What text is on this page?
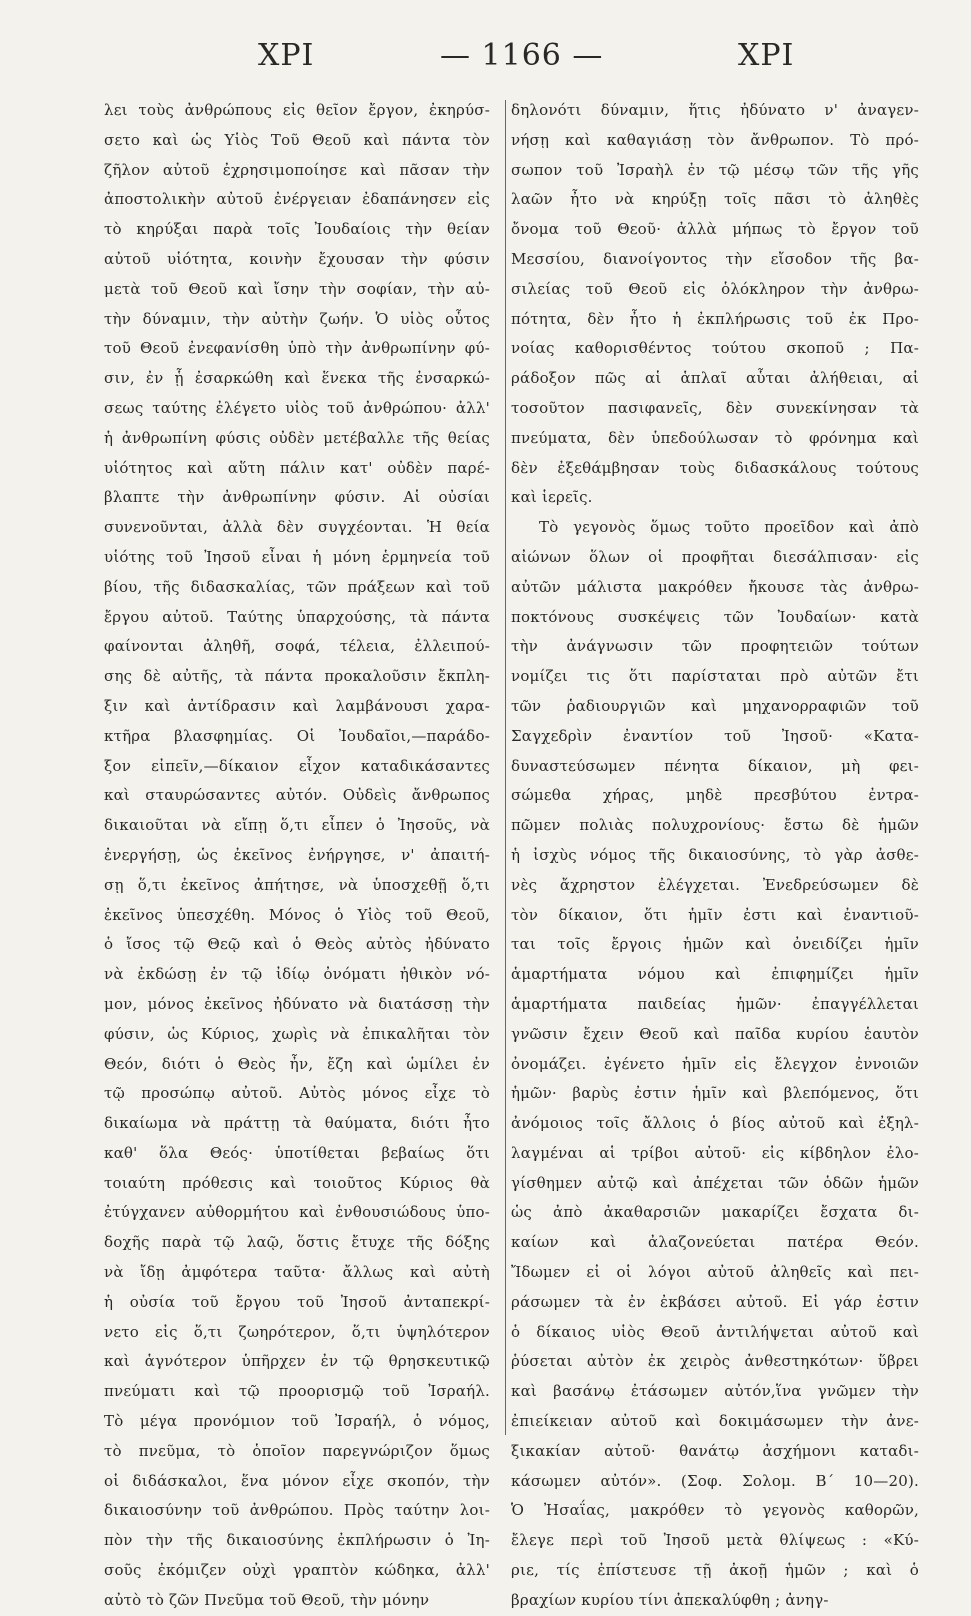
ΧΡΙ	— 1166 —	ΧΡΙ
λει τοὺς ἀνθρώπους εἰς θεῖον ἔργον, ἐκηρύσ-
σετο καὶ ὡς Υἱὸς Τοῦ Θεοῦ καὶ πάντα τὸν
ζῆλον αὐτοῦ ἐχρησιμοποίησε καὶ πᾶσαν τὴν
ἀποστολικὴν αὐτοῦ ἐνέργειαν ἐδαπάνησεν εἰς
τὸ κηρύξαι παρὰ τοῖς Ἰουδαίοις τὴν θείαν
αὐτοῦ υἱότητα, κοινὴν ἔχουσαν τὴν φύσιν
μετὰ τοῦ Θεοῦ καὶ ἴσην τὴν σοφίαν, τὴν αὐ-
τὴν δύναμιν, τὴν αὐτὴν ζωήν. Ὁ υἱὸς οὗτος
τοῦ Θεοῦ ἐνεφανίσθη ὑπὸ τὴν ἀνθρωπίνην φύ-
σιν, ἐν ᾗ ἐσαρκώθη καὶ ἕνεκα τῆς ἐνσαρκώ-
σεως ταύτης ἐλέγετο υἱὸς τοῦ ἀνθρώπου· ἀλλ'
ἡ ἀνθρωπίνη φύσις οὐδὲν μετέβαλλε τῆς θείας
υἱότητος καὶ αὕτη πάλιν κατ' οὐδὲν παρέ-
βλαπτε τὴν ἀνθρωπίνην φύσιν. Αἱ οὐσίαι
συνενοῦνται, ἀλλὰ δὲν συγχέονται. Ἡ θεία
υἱότης τοῦ Ἰησοῦ εἶναι ἡ μόνη ἑρμηνεία τοῦ
βίου, τῆς διδασκαλίας, τῶν πράξεων καὶ τοῦ
ἔργου αὐτοῦ. Ταύτης ὑπαρχούσης, τὰ πάντα
φαίνονται ἀληθῆ, σοφά, τέλεια, ἐλλειπού-
σης δὲ αὐτῆς, τὰ πάντα προκαλοῦσιν ἔκπλη-
ξιν καὶ ἀντίδρασιν καὶ λαμβάνουσι χαρα-
κτῆρα βλασφημίας. Οἱ Ἰουδαῖοι,—παράδο-
ξον εἰπεῖν,—δίκαιον εἶχον καταδικάσαντες
καὶ σταυρώσαντες αὐτόν. Οὐδεὶς ἄνθρωπος
δικαιοῦται νὰ εἴπῃ ὅ,τι εἶπεν ὁ Ἰησοῦς, νὰ
ἐνεργήσῃ, ὡς ἐκεῖνος ἐνήργησε, ν' ἀπαιτή-
σῃ ὅ,τι ἐκεῖνος ἀπήτησε, νὰ ὑποσχεθῇ ὅ,τι
ἐκεῖνος ὑπεσχέθη. Μόνος ὁ Υἱὸς τοῦ Θεοῦ,
ὁ ἴσος τῷ Θεῷ καὶ ὁ Θεὸς αὐτὸς ἠδύνατο
νὰ ἐκδώσῃ ἐν τῷ ἰδίῳ ὀνόματι ἠθικὸν νό-
μον, μόνος ἐκεῖνος ἠδύνατο νὰ διατάσσῃ τὴν
φύσιν, ὡς Κύριος, χωρὶς νὰ ἐπικαλῆται τὸν
Θεόν, διότι ὁ Θεὸς ἦν, ἔζη καὶ ὡμίλει ἐν
τῷ προσώπῳ αὐτοῦ. Αὐτὸς μόνος εἶχε τὸ
δικαίωμα νὰ πράττῃ τὰ θαύματα, διότι ἦτο
καθ' ὅλα Θεός· ὑποτίθεται βεβαίως ὅτι
τοιαύτη πρόθεσις καὶ τοιοῦτος Κύριος θὰ
ἐτύγχανεν αὐθορμήτου καὶ ἐνθουσιώδους ὑπο-
δοχῆς παρὰ τῷ λαῷ, ὅστις ἔτυχε τῆς δόξης
νὰ ἴδῃ ἀμφότερα ταῦτα· ἄλλως καὶ αὐτὴ
ἡ οὐσία τοῦ ἔργου τοῦ Ἰησοῦ ἀνταπεκρί-
νετο εἰς ὅ,τι ζωηρότερον, ὅ,τι ὑψηλότερον
καὶ ἁγνότερον ὑπῆρχεν ἐν τῷ θρησκευτικῷ
πνεύματι καὶ τῷ προορισμῷ τοῦ Ἰσραήλ.
Τὸ μέγα προνόμιον τοῦ Ἰσραήλ, ὁ νόμος,
τὸ πνεῦμα, τὸ ὁποῖον παρεγνώριζον ὅμως
οἱ διδάσκαλοι, ἕνα μόνον εἶχε σκοπόν, τὴν
δικαιοσύνην τοῦ ἀνθρώπου. Πρὸς ταύτην λοι-
πὸν τὴν τῆς δικαιοσύνης ἐκπλήρωσιν ὁ Ἰη-
σοῦς ἐκόμιζεν οὐχὶ γραπτὸν κώδηκα, ἀλλ'
αὐτὸ τὸ ζῶν Πνεῦμα τοῦ Θεοῦ, τὴν μόνην
δηλονότι δύναμιν, ἥτις ἠδύνατο ν' ἀναγεν-
νήσῃ καὶ καθαγιάσῃ τὸν ἄνθρωπον. Τὸ πρό-
σωπον τοῦ Ἰσραὴλ ἐν τῷ μέσῳ τῶν τῆς γῆς
λαῶν ἦτο νὰ κηρύξῃ τοῖς πᾶσι τὸ ἀληθὲς
ὄνομα τοῦ Θεοῦ· ἀλλὰ μήπως τὸ ἔργον τοῦ
Μεσσίου, διανοίγοντος τὴν εἴσοδον τῆς βα-
σιλείας τοῦ Θεοῦ εἰς ὁλόκληρον τὴν ἀνθρω-
πότητα, δὲν ἦτο ἡ ἐκπλήρωσις τοῦ ἐκ Προ-
νοίας καθορισθέντος τούτου σκοποῦ ; Πα-
ράδοξον πῶς αἱ ἁπλαῖ αὗται ἀλήθειαι, αἱ
τοσοῦτον πασιφανεῖς, δὲν συνεκίνησαν τὰ
πνεύματα, δὲν ὑπεδούλωσαν τὸ φρόνημα καὶ
δὲν ἐξεθάμβησαν τοὺς διδασκάλους τούτους
καὶ ἱερεῖς.
Τὸ γεγονὸς ὅμως τοῦτο προεῖδον καὶ ἀπὸ
αἰώνων ὅλων οἱ προφῆται διεσάλπισαν· εἰς
αὐτῶν μάλιστα μακρόθεν ἤκουσε τὰς ἀνθρω-
ποκτόνους συσκέψεις τῶν Ἰουδαίων· κατὰ
τὴν ἀνάγνωσιν τῶν προφητειῶν τούτων
νομίζει τις ὅτι παρίσταται πρὸ αὐτῶν ἔτι
τῶν ῥαδιουργιῶν καὶ μηχανορραφιῶν τοῦ
Σαγχεδρὶν ἐναντίον τοῦ Ἰησοῦ· «Κατα-
δυναστεύσωμεν πένητα δίκαιον, μὴ φει-
σώμεθα χήρας, μηδὲ πρεσβύτου ἐντρα-
πῶμεν πολιὰς πολυχρονίους· ἔστω δὲ ἡμῶν
ἡ ἰσχὺς νόμος τῆς δικαιοσύνης, τὸ γὰρ ἀσθε-
νὲς ἄχρηστον ἐλέγχεται. Ἐνεδρεύσωμεν δὲ
τὸν δίκαιον, ὅτι ἡμῖν ἐστι καὶ ἐναντιοῦ-
ται τοῖς ἔργοις ἡμῶν καὶ ὀνειδίζει ἡμῖν
ἁμαρτήματα νόμου καὶ ἐπιφημίζει ἡμῖν
ἁμαρτήματα παιδείας ἡμῶν· ἐπαγγέλλεται
γνῶσιν ἔχειν Θεοῦ καὶ παῖδα κυρίου ἑαυτὸν
ὀνομάζει. ἐγένετο ἡμῖν εἰς ἔλεγχον ἐννοιῶν
ἡμῶν· βαρὺς ἐστιν ἡμῖν καὶ βλεπόμενος, ὅτι
ἀνόμοιος τοῖς ἄλλοις ὁ βίος αὐτοῦ καὶ ἐξηλ-
λαγμέναι αἱ τρίβοι αὐτοῦ· εἰς κίβδηλον ἐλο-
γίσθημεν αὐτῷ καὶ ἀπέχεται τῶν ὁδῶν ἡμῶν
ὡς ἀπὸ ἀκαθαρσιῶν μακαρίζει ἔσχατα δι-
καίων καὶ ἀλαζονεύεται πατέρα Θεόν.
Ἴδωμεν εἰ οἱ λόγοι αὐτοῦ ἀληθεῖς καὶ πει-
ράσωμεν τὰ ἐν ἐκβάσει αὐτοῦ. Εἰ γάρ ἐστιν
ὁ δίκαιος υἱὸς Θεοῦ ἀντιλήψεται αὐτοῦ καὶ
ῥύσεται αὐτὸν ἐκ χειρὸς ἀνθεστηκότων· ὕβρει
καὶ βασάνῳ ἐτάσωμεν αὐτόν,ἵνα γνῶμεν τὴν
ἐπιείκειαν αὐτοῦ καὶ δοκιμάσωμεν τὴν ἀνε-
ξικακίαν αὐτοῦ· θανάτῳ ἀσχήμονι καταδι-
κάσωμεν αὐτόν». (Σοφ. Σολομ. Β΄ 10—20).
Ὁ Ἠσαΐας, μακρόθεν τὸ γεγονὸς καθορῶν,
ἔλεγε περὶ τοῦ Ἰησοῦ μετὰ θλίψεως : «Κύ-
ριε, τίς ἐπίστευσε τῇ ἀκοῇ ἡμῶν ; καὶ ὁ
βραχίων κυρίου τίνι ἀπεκαλύφθη ; ἀνηγ-
